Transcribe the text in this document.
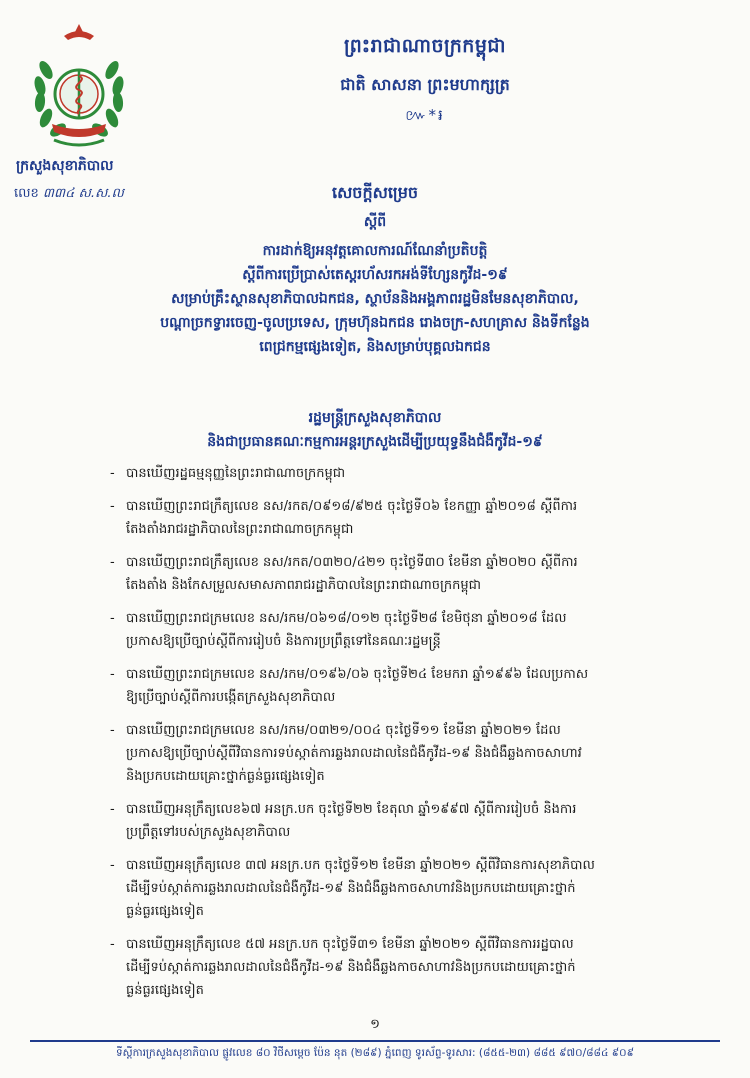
ក្រសួងសុខាភិបាល
លេខ ៣៣៤ ស.ស.ល
ព្រះរាជាណាចក្រកម្ពុជា
ជាតិ សាសនា ព្រះមហាក្សត្រ
៚*៛
សេចក្តីសម្រេច
ស្តីពី
ការដាក់ឱ្យអនុវត្តគោលការណ៍ណែនាំប្រតិបត្តិ
ស្តីពីការប្រើប្រាស់តេស្តរហ័សរកអង់ទីហ្សែនកូវីដ-១៩
សម្រាប់គ្រឹះស្ថានសុខាភិបាលឯកជន, ស្ថាប័ននិងអង្គភាពរដ្ឋមិនមែនសុខាភិបាល,
បណ្តាច្រកទ្វារចេញ-ចូលប្រទេស, ក្រុមហ៊ុនឯកជន រោងចក្រ-សហគ្រាស និងទីកន្លែង
ពេជ្រកម្មផ្សេងទៀត, និងសម្រាប់បុគ្គលឯកជន
រដ្ឋមន្ត្រីក្រសួងសុខាភិបាល
និងជាប្រធានគណៈកម្មការអន្តរក្រសួងដើម្បីប្រយុទ្ធនឹងជំងឺកូវីដ-១៩
- បានឃើញរដ្ឋធម្មនុញ្ញនៃព្រះរាជាណាចក្រកម្ពុជា
- បានឃើញព្រះរាជក្រឹត្យលេខ នស/រកត/០៩១៨/៩២៥ ចុះថ្ងៃទី០៦ ខែកញ្ញា ឆ្នាំ២០១៨ ស្តីពីការ
តែងតាំងរាជរដ្ឋាភិបាលនៃព្រះរាជាណាចក្រកម្ពុជា
- បានឃើញព្រះរាជក្រឹត្យលេខ នស/រកត/០៣២០/៤២១ ចុះថ្ងៃទី៣០ ខែមីនា ឆ្នាំ២០២០ ស្តីពីការ
តែងតាំង និងកែសម្រួលសមាសភាពរាជរដ្ឋាភិបាលនៃព្រះរាជាណាចក្រកម្ពុជា
- បានឃើញព្រះរាជក្រមលេខ នស/រកម/០៦១៨/០១២ ចុះថ្ងៃទី២៨ ខែមិថុនា ឆ្នាំ២០១៨ ដែល
ប្រកាសឱ្យប្រើច្បាប់ស្តីពីការរៀបចំ និងការប្រព្រឹត្តទៅនៃគណៈរដ្ឋមន្ត្រី
- បានឃើញព្រះរាជក្រមលេខ នស/រកម/០១៩៦/០៦ ចុះថ្ងៃទី២៤ ខែមករា ឆ្នាំ១៩៩៦ ដែលប្រកាស
ឱ្យប្រើច្បាប់ស្តីពីការបង្កើតក្រសួងសុខាភិបាល
- បានឃើញព្រះរាជក្រមលេខ នស/រកម/០៣២១/០០៤ ចុះថ្ងៃទី១១ ខែមីនា ឆ្នាំ២០២១ ដែល
ប្រកាសឱ្យប្រើច្បាប់ស្តីពីវិធានការទប់ស្កាត់ការឆ្លងរាលដាលនៃជំងឺកូវីដ-១៩ និងជំងឺឆ្លងកាចសាហាវ
និងប្រកបដោយគ្រោះថ្នាក់ធ្ងន់ធ្ងរផ្សេងទៀត
- បានឃើញអនុក្រឹត្យលេខ៦៧ អនក្រ.បក ចុះថ្ងៃទី២២ ខែតុលា ឆ្នាំ១៩៩៧ ស្តីពីការរៀបចំ និងការ
ប្រព្រឹត្តទៅរបស់ក្រសួងសុខាភិបាល
- បានឃើញអនុក្រឹត្យលេខ ៣៧ អនក្រ.បក ចុះថ្ងៃទី១២ ខែមីនា ឆ្នាំ២០២១ ស្តីពីវិធានការសុខាភិបាល
ដើម្បីទប់ស្កាត់ការឆ្លងរាលដាលនៃជំងឺកូវីដ-១៩ និងជំងឺឆ្លងកាចសាហាវនិងប្រកបដោយគ្រោះថ្នាក់
ធ្ងន់ធ្ងរផ្សេងទៀត
- បានឃើញអនុក្រឹត្យលេខ ៥៧ អនក្រ.បក ចុះថ្ងៃទី៣១ ខែមីនា ឆ្នាំ២០២១ ស្តីពីវិធានការរដ្ឋបាល
ដើម្បីទប់ស្កាត់ការឆ្លងរាលដាលនៃជំងឺកូវីដ-១៩ និងជំងឺឆ្លងកាចសាហាវនិងប្រកបដោយគ្រោះថ្នាក់
ធ្ងន់ធ្ងរផ្សេងទៀត
១
ទីស្តីការក្រសួងសុខាភិបាល ផ្លូវលេខ ៨០ វិថីសម្តេច ប៉ែន នុត (២៨៩) ភ្នំពេញ ទូរស័ព្ទ-ទូរសារ: (៨៥៥-២៣) ៨៨៥ ៩៧០/៨៨៤ ៩០៩
